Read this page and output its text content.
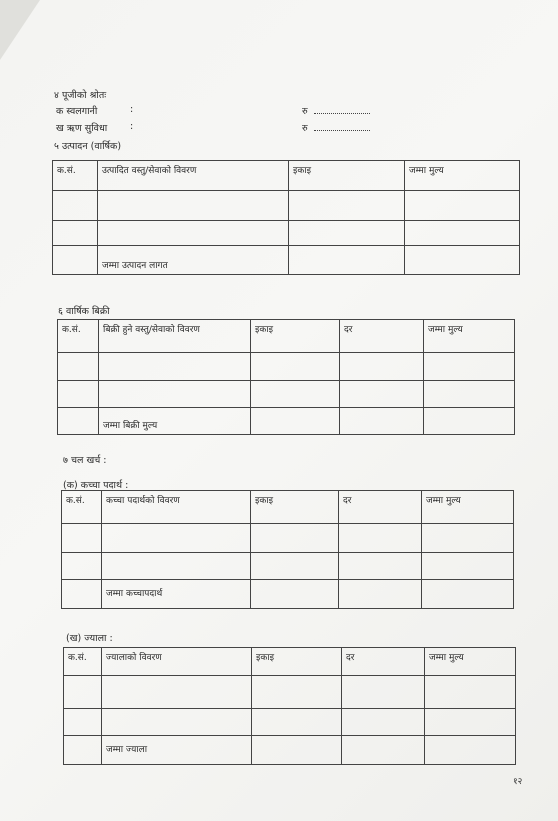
४ पूजीको श्रोतः
क स्वलगानी	:	रु
ख ऋण सुविधा :	रु
५ उत्पादन (वार्षिक)
क.सं.	उत्पादित वस्तु/सेवाको विवरण	इकाइ	जम्मा मुल्य

	जम्मा उत्पादन लागत		
६ वार्षिक बिक्री
क.सं.	बिक्री हुने वस्तु/सेवाको विवरण	इकाइ	दर	जम्मा मुल्य

	जम्मा बिक्री मुल्य			
७ चल खर्च :
(क) कच्चा पदार्थ :
क.सं.	कच्चा पदार्थको विवरण	इकाइ	दर	जम्मा मुल्य

	जम्मा कच्चापदार्थ			
(ख) ज्याला :
क.सं.	ज्यालाको विवरण	इकाइ	दर	जम्मा मुल्य

	जम्मा ज्याला			
१२
